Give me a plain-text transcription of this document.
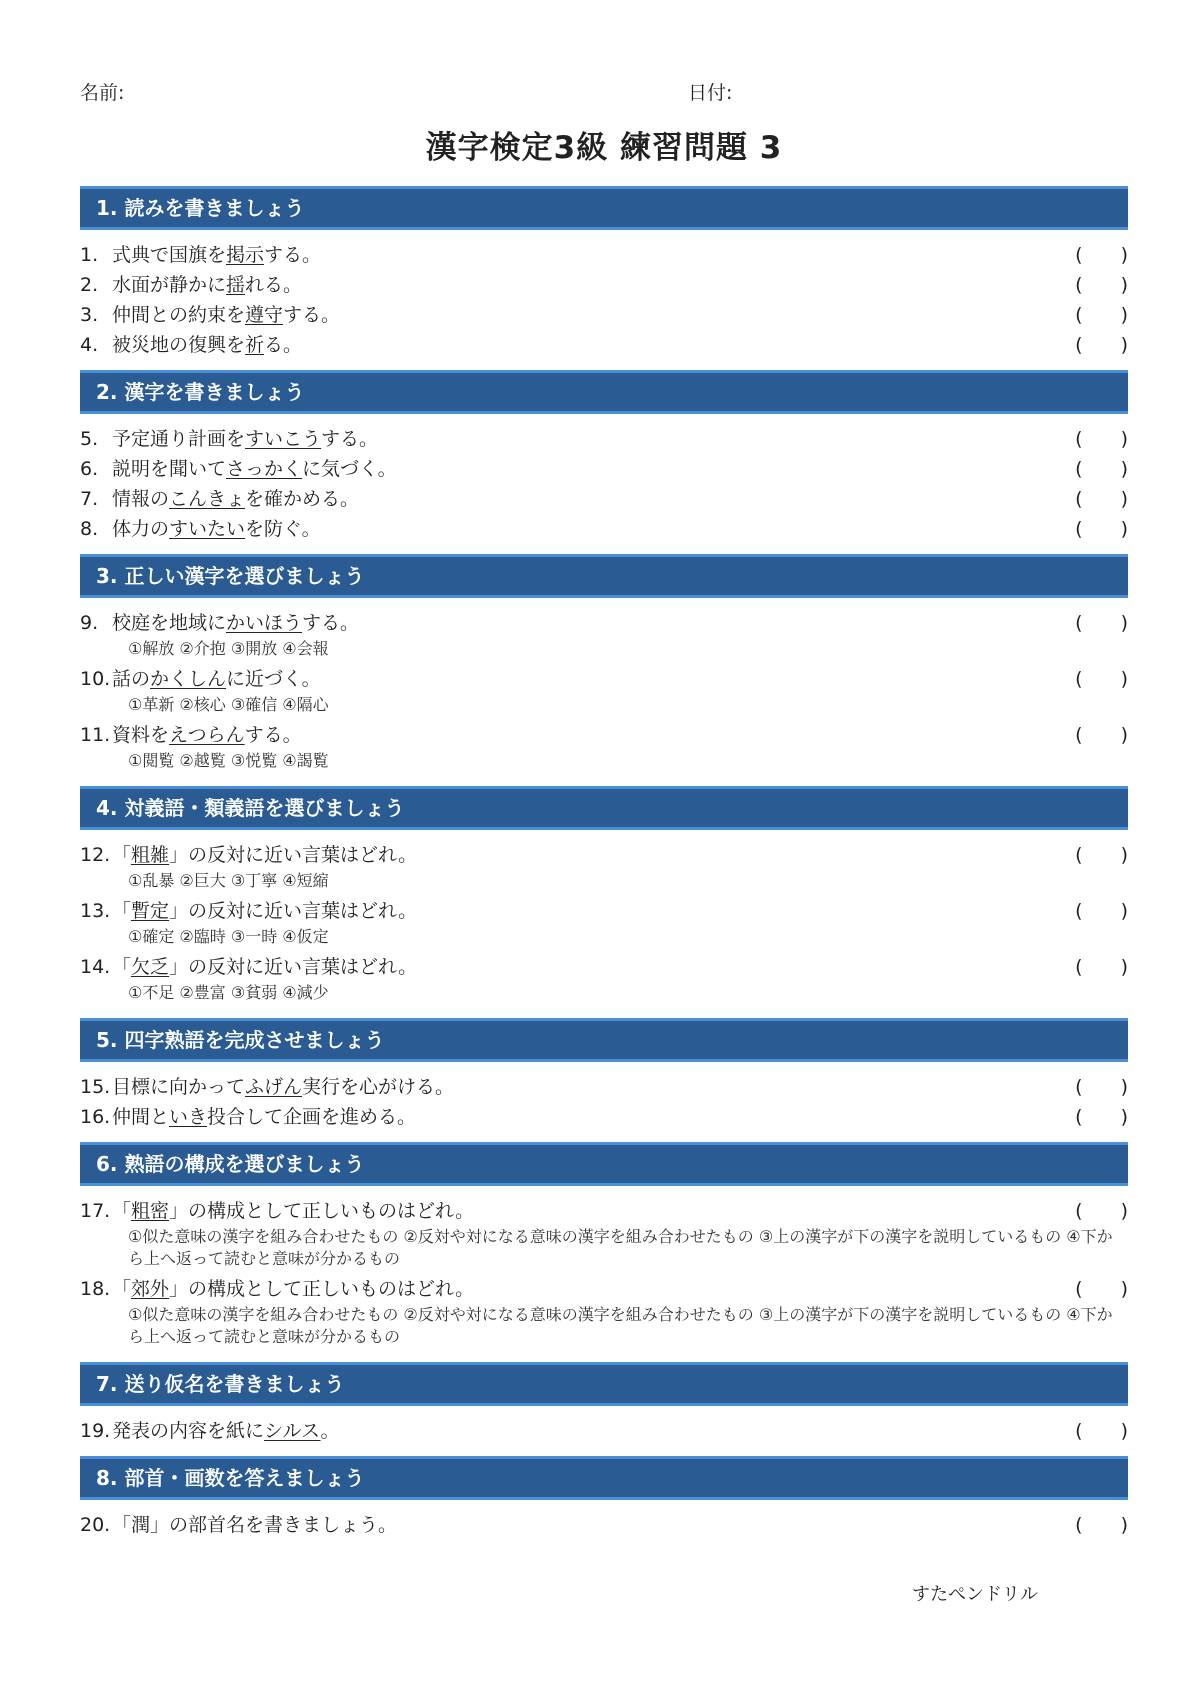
名前:	日付:
漢字検定3級 練習問題 3
1. 読みを書きましょう
1. 式典で国旗を掲示する。	(　　)
2. 水面が静かに揺れる。	(　　)
3. 仲間との約束を遵守する。	(　　)
4. 被災地の復興を祈る。	(　　)
2. 漢字を書きましょう
5. 予定通り計画をすいこうする。	(　　)
6. 説明を聞いてさっかくに気づく。	(　　)
7. 情報のこんきょを確かめる。	(　　)
8. 体力のすいたいを防ぐ。	(　　)
3. 正しい漢字を選びましょう
9. 校庭を地域にかいほうする。	(　　)
①解放 ②介抱 ③開放 ④会報
10.話のかくしんに近づく。	(　　)
①革新 ②核心 ③確信 ④隔心
11.資料をえつらんする。	(　　)
①閲覧 ②越覧 ③悦覧 ④謁覧
4. 対義語・類義語を選びましょう
12.「粗雑」の反対に近い言葉はどれ。	(　　)
①乱暴 ②巨大 ③丁寧 ④短縮
13.「暫定」の反対に近い言葉はどれ。	(　　)
①確定 ②臨時 ③一時 ④仮定
14.「欠乏」の反対に近い言葉はどれ。	(　　)
①不足 ②豊富 ③貧弱 ④減少
5. 四字熟語を完成させましょう
15.目標に向かってふげん実行を心がける。	(　　)
16.仲間といき投合して企画を進める。	(　　)
6. 熟語の構成を選びましょう
17.「粗密」の構成として正しいものはどれ。	(　　)
①似た意味の漢字を組み合わせたもの ②反対や対になる意味の漢字を組み合わせたもの ③上の漢字が下の漢字を説明しているもの ④下から上へ返って読むと意味が分かるもの
18.「郊外」の構成として正しいものはどれ。	(　　)
①似た意味の漢字を組み合わせたもの ②反対や対になる意味の漢字を組み合わせたもの ③上の漢字が下の漢字を説明しているもの ④下から上へ返って読むと意味が分かるもの
7. 送り仮名を書きましょう
19.発表の内容を紙にシルス。	(　　)
8. 部首・画数を答えましょう
20.「潤」の部首名を書きましょう。	(　　)
すたぺンドリル
